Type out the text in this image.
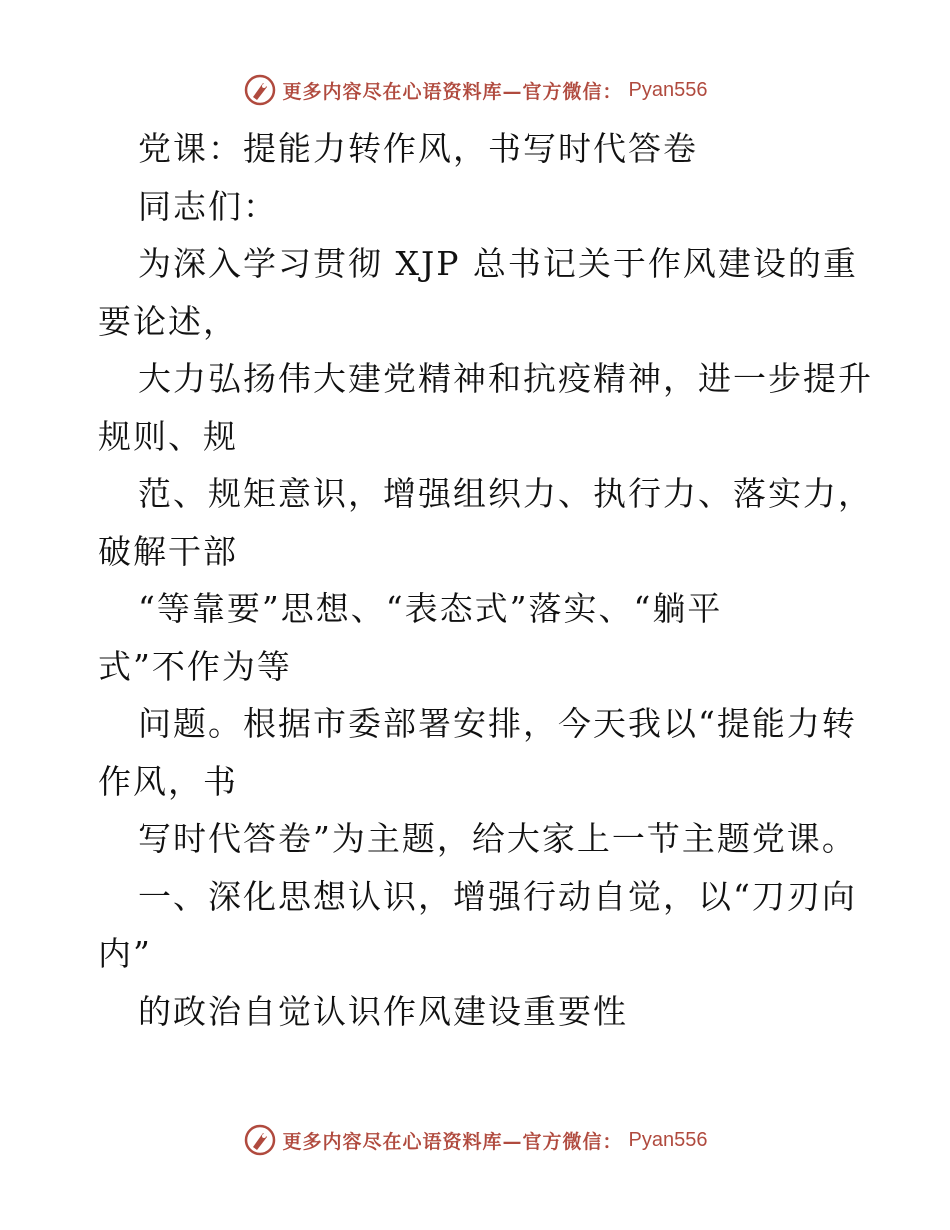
更多内容尽在心语资料库—官方微信： Pyan556
党课：提能力转作风，书写时代答卷
同志们：
为深入学习贯彻 XJP 总书记关于作风建设的重
要论述，
大力弘扬伟大建党精神和抗疫精神，进一步提升
规则、规
范、规矩意识，增强组织力、执行力、落实力，
破解干部
“等靠要”思想、“表态式”落实、“躺平
式”不作为等
问题。根据市委部署安排，今天我以“提能力转
作风，书
写时代答卷”为主题，给大家上一节主题党课。
一、深化思想认识，增强行动自觉，以“刀刃向
内”
的政治自觉认识作风建设重要性
更多内容尽在心语资料库—官方微信： Pyan556
